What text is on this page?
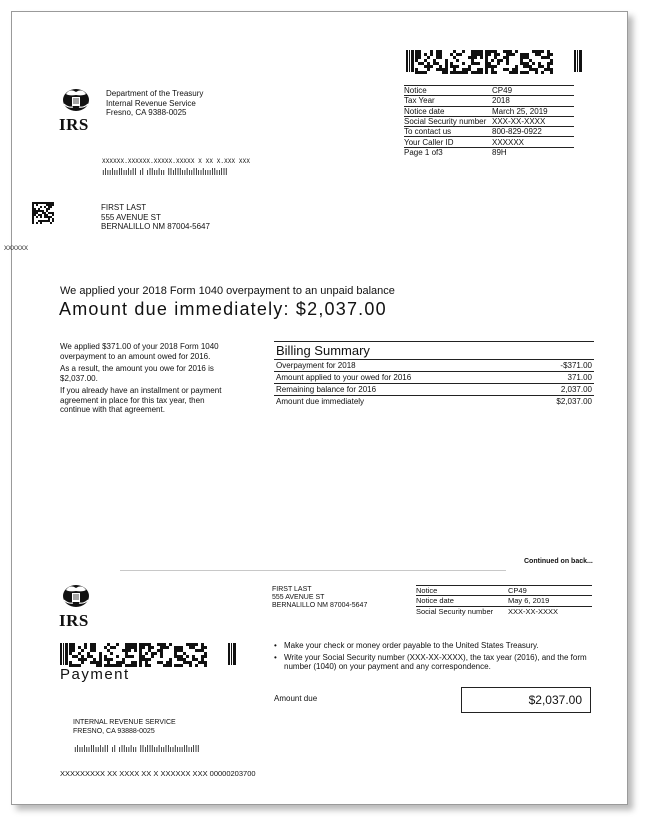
IRS
Department of the Treasury
Internal Revenue Service
Fresno, CA 9388-0025
Notice	CP49
Tax Year	2018
Notice date	March 25, 2019
Social Security number	XXX-XX-XXXX
To contact us	800-829-0922
Your Caller ID	XXXXXX
Page 1 of3	89H
XXXXXX.XXXXXX.XXXXX.XXXXX X XX X.XXX XXX
ılıılııllıılıll ıl ıllıılıı llılllıılııllıılıııllıılll
FIRST LAST
555 AVENUE ST
BERNALILLO NM 87004-5647
XXXXXX
We applied your 2018 Form 1040 overpayment to an unpaid balance
Amount due immediately: $2,037.00
We applied $371.00 of your 2018 Form 1040 overpayment to an amount owed for 2016.
As a result, the amount you owe for 2016 is $2,037.00.
If you already have an installment or payment agreement in place for this tax year, then continue with that agreement.
Billing Summary
Overpayment for 2018	-$371.00
Amount applied to your owed for 2016	371.00
Remaining balance for 2016	2,037.00
Amount due immediately	$2,037.00
Continued on back...
IRS
Payment
FIRST LAST
555 AVENUE ST
BERNALILLO NM 87004-5647
Notice	CP49
Notice date	May 6, 2019
Social Security number	XXX-XX-XXXX
• Make your check or money order payable to the United States Treasury.
• Write your Social Security number (XXX-XX-XXXX), the tax year (2016), and the form number (1040) on your payment and any correspondence.
Amount due	$2,037.00
INTERNAL REVENUE SERVICE
FRESNO, CA 93888-0025
ılıılııllıılıll ıl ıllıılıı llılllıılııllıılıııllıılll
XXXXXXXXX XX XXXX XX X XXXXXX XXX 00000203700
